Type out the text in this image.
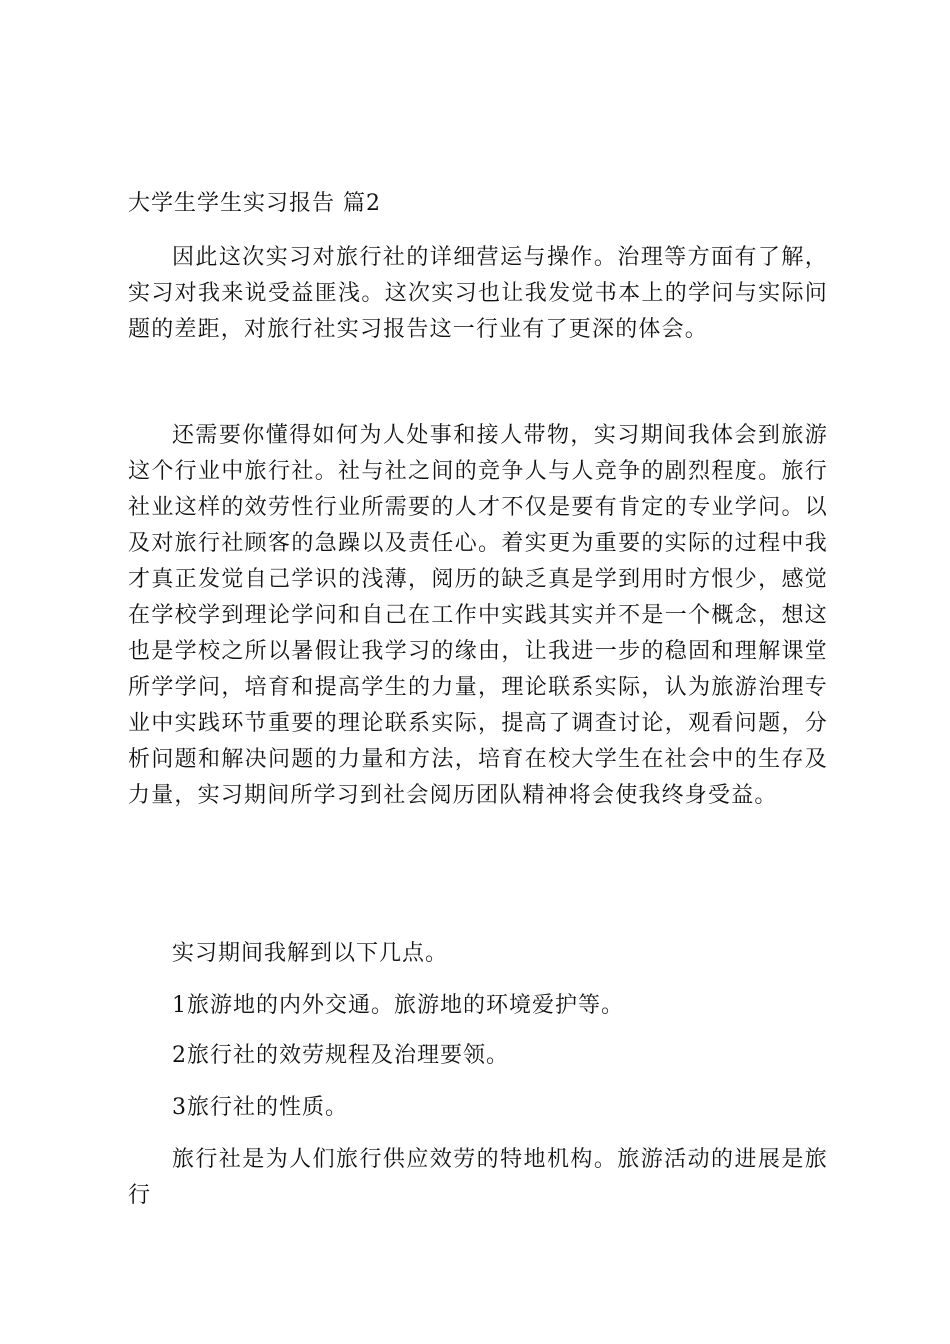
大学生学生实习报告 篇2

因此这次实习对旅行社的详细营运与操作。治理等方面有了解，实习对我来说受益匪浅。这次实习也让我发觉书本上的学问与实际问题的差距，对旅行社实习报告这一行业有了更深的体会。

还需要你懂得如何为人处事和接人带物，实习期间我体会到旅游这个行业中旅行社。社与社之间的竞争人与人竞争的剧烈程度。旅行社业这样的效劳性行业所需要的人才不仅是要有肯定的专业学问。以及对旅行社顾客的急躁以及责任心。着实更为重要的实际的过程中我才真正发觉自己学识的浅薄，阅历的缺乏真是学到用时方恨少，感觉在学校学到理论学问和自己在工作中实践其实并不是一个概念，想这也是学校之所以暑假让我学习的缘由，让我进一步的稳固和理解课堂所学学问，培育和提高学生的力量，理论联系实际，认为旅游治理专业中实践环节重要的理论联系实际，提高了调查讨论，观看问题，分析问题和解决问题的力量和方法，培育在校大学生在社会中的生存及力量，实习期间所学习到社会阅历团队精神将会使我终身受益。

实习期间我解到以下几点。

1旅游地的内外交通。旅游地的环境爱护等。

2旅行社的效劳规程及治理要领。

3旅行社的性质。

旅行社是为人们旅行供应效劳的特地机构。旅游活动的进展是旅行
